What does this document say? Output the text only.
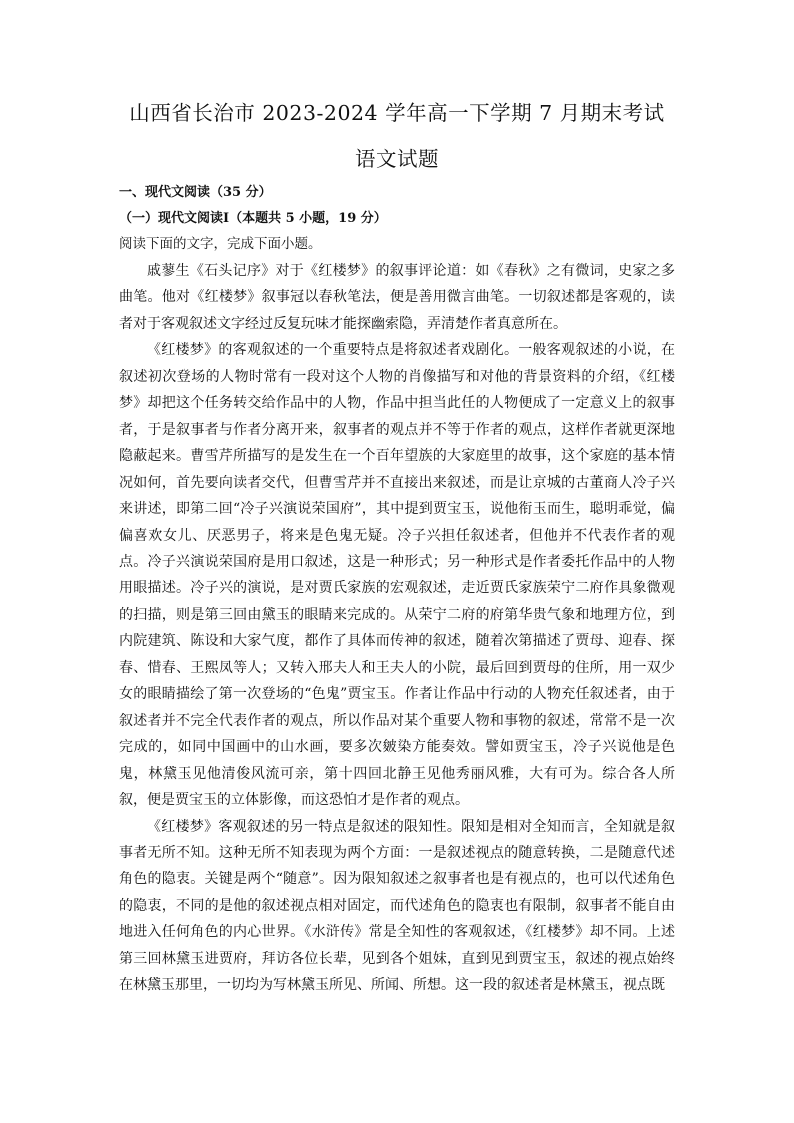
山西省长治市 2023-2024 学年高一下学期 7 月期末考试
语文试题
一、现代文阅读（35 分）
（一）现代文阅读Ⅰ（本题共 5 小题，19 分）
阅读下面的文字，完成下面小题。

戚蓼生《石头记序》对于《红楼梦》的叙事评论道：如《春秋》之有微词，史家之多曲笔。他对《红楼梦》叙事冠以春秋笔法，便是善用微言曲笔。一切叙述都是客观的，读者对于客观叙述文字经过反复玩味才能探幽索隐，弄清楚作者真意所在。

《红楼梦》的客观叙述的一个重要特点是将叙述者戏剧化。一般客观叙述的小说，在叙述初次登场的人物时常有一段对这个人物的肖像描写和对他的背景资料的介绍，《红楼梦》却把这个任务转交给作品中的人物，作品中担当此任的人物便成了一定意义上的叙事者，于是叙事者与作者分离开来，叙事者的观点并不等于作者的观点，这样作者就更深地隐蔽起来。曹雪芹所描写的是发生在一个百年望族的大家庭里的故事，这个家庭的基本情况如何，首先要向读者交代，但曹雪芹并不直接出来叙述，而是让京城的古董商人冷子兴来讲述，即第二回“冷子兴演说荣国府”，其中提到贾宝玉，说他衔玉而生，聪明乖觉，偏偏喜欢女儿、厌恶男子，将来是色鬼无疑。冷子兴担任叙述者，但他并不代表作者的观点。冷子兴演说荣国府是用口叙述，这是一种形式；另一种形式是作者委托作品中的人物用眼描述。冷子兴的演说，是对贾氏家族的宏观叙述，走近贾氏家族荣宁二府作具象微观的扫描，则是第三回由黛玉的眼睛来完成的。从荣宁二府的府第华贵气象和地理方位，到内院建筑、陈设和大家气度，都作了具体而传神的叙述，随着次第描述了贾母、迎春、探春、惜春、王熙凤等人；又转入邢夫人和王夫人的小院，最后回到贾母的住所，用一双少女的眼睛描绘了第一次登场的“色鬼”贾宝玉。作者让作品中行动的人物充任叙述者，由于叙述者并不完全代表作者的观点，所以作品对某个重要人物和事物的叙述，常常不是一次完成的，如同中国画中的山水画，要多次皴染方能奏效。譬如贾宝玉，冷子兴说他是色鬼，林黛玉见他清俊风流可亲，第十四回北静王见他秀丽风雅，大有可为。综合各人所叙，便是贾宝玉的立体影像，而这恐怕才是作者的观点。

《红楼梦》客观叙述的另一特点是叙述的限知性。限知是相对全知而言，全知就是叙事者无所不知。这种无所不知表现为两个方面：一是叙述视点的随意转换，二是随意代述角色的隐衷。关键是两个“随意”。因为限知叙述之叙事者也是有视点的，也可以代述角色的隐衷，不同的是他的叙述视点相对固定，而代述角色的隐衷也有限制，叙事者不能自由地进入任何角色的内心世界。《水浒传》常是全知性的客观叙述，《红楼梦》却不同。上述第三回林黛玉进贾府，拜访各位长辈，见到各个姐妹，直到见到贾宝玉，叙述的视点始终在林黛玉那里，一切均为写林黛玉所见、所闻、所想。这一段的叙述者是林黛玉，视点既
